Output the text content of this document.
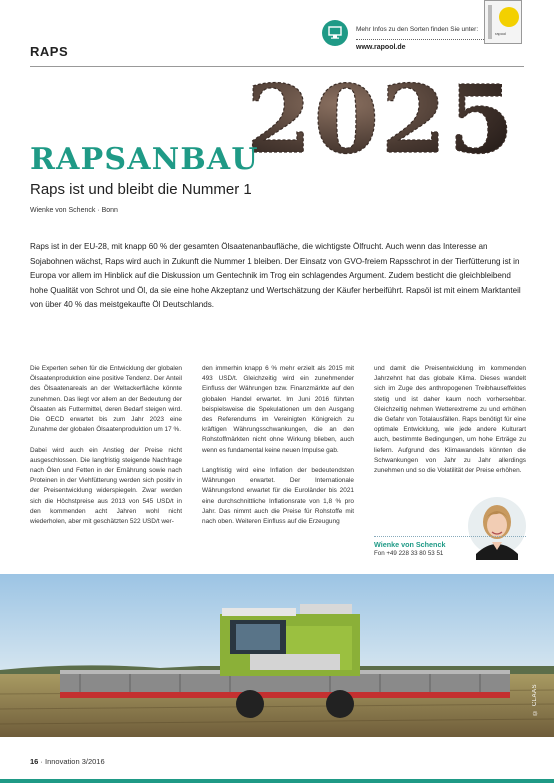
RAPS
Mehr Infos zu den Sorten finden Sie unter:
www.rapool.de
rapool
2025
RAPSANBAU
Raps ist und bleibt die Nummer 1
Wienke von Schenck · Bonn
Raps ist in der EU-28, mit knapp 60 % der gesamten Ölsaatenanbaufläche, die wichtigste Ölfrucht. Auch wenn das Interesse an Sojabohnen wächst, Raps wird auch in Zukunft die Nummer 1 bleiben. Der Einsatz von GVO-freiem Rapsschrot in der Tierfütterung ist in Europa vor allem im Hinblick auf die Diskussion um Gentechnik im Trog ein schlagendes Argument. Zudem besticht die gleichbleibend hohe Qualität von Schrot und Öl, da sie eine hohe Akzeptanz und Wertschätzung der Käufer herbeiführt. Rapsöl ist mit einem Marktanteil von über 40 % das meistgekaufte Öl Deutschlands.

Die Experten sehen für die Entwicklung der globalen Ölsaatenproduktion eine positive Tendenz. Der Anteil des Ölsaatenareals an der Weltackerfläche könnte zunehmen. Das liegt vor allem an der Bedeutung der Ölsaaten als Futtermittel, deren Bedarf steigen wird. Die OECD erwartet bis zum Jahr 2023 eine Zunahme der globalen Ölsaatenproduktion um 17 %.

Dabei wird auch ein Anstieg der Preise nicht ausgeschlossen. Die langfristig steigende Nachfrage nach Ölen und Fetten in der Ernährung sowie nach Proteinen in der Viehfütterung werden sich positiv in der Preisentwicklung widerspiegeln. Zwar werden sich die Höchstpreise aus 2013 von 545 USD/t in den kommenden acht Jahren wohl nicht wiederholen, aber mit geschätzten 522 USD/t wer-

den immerhin knapp 6 % mehr erzielt als 2015 mit 493 USD/t. Gleichzeitig wird ein zunehmender Einfluss der Währungen bzw. Finanzmärkte auf den globalen Handel erwartet. Im Juni 2016 führten beispielsweise die Spekulationen um den Ausgang des Referendums im Vereinigten Königreich zu kräftigen Währungsschwankungen, die an den Rohstoffmärkten nicht ohne Wirkung blieben, auch wenn es fundamental keine neuen Impulse gab.

Langfristig wird eine Inflation der bedeutendsten Währungen erwartet. Der Internationale Währungsfond erwartet für die Euroländer bis 2021 eine durchschnittliche Inflationsrate von 1,8 % pro Jahr. Das nimmt auch die Preise für Rohstoffe mit nach oben. Weiteren Einfluss auf die Erzeugung

und damit die Preisentwicklung im kommenden Jahrzehnt hat das globale Klima. Dieses wandelt sich im Zuge des anthropogenen Treibhauseffektes stetig und ist daher kaum noch vorhersehbar. Gleichzeitig nehmen Wetterextreme zu und erhöhen die Gefahr von Totalausfällen. Raps benötigt für eine optimale Entwicklung, wie jede andere Kulturart auch, bestimmte Bedingungen, um hohe Erträge zu liefern. Aufgrund des Klimawandels könnten die Schwankungen von Jahr zu Jahr allerdings zunehmen und so die Volatilität der Preise erhöhen.

Wienke von Schenck
Fon +49 228 33 80 53 51
© CLAAS
16 · Innovation 3/2016
